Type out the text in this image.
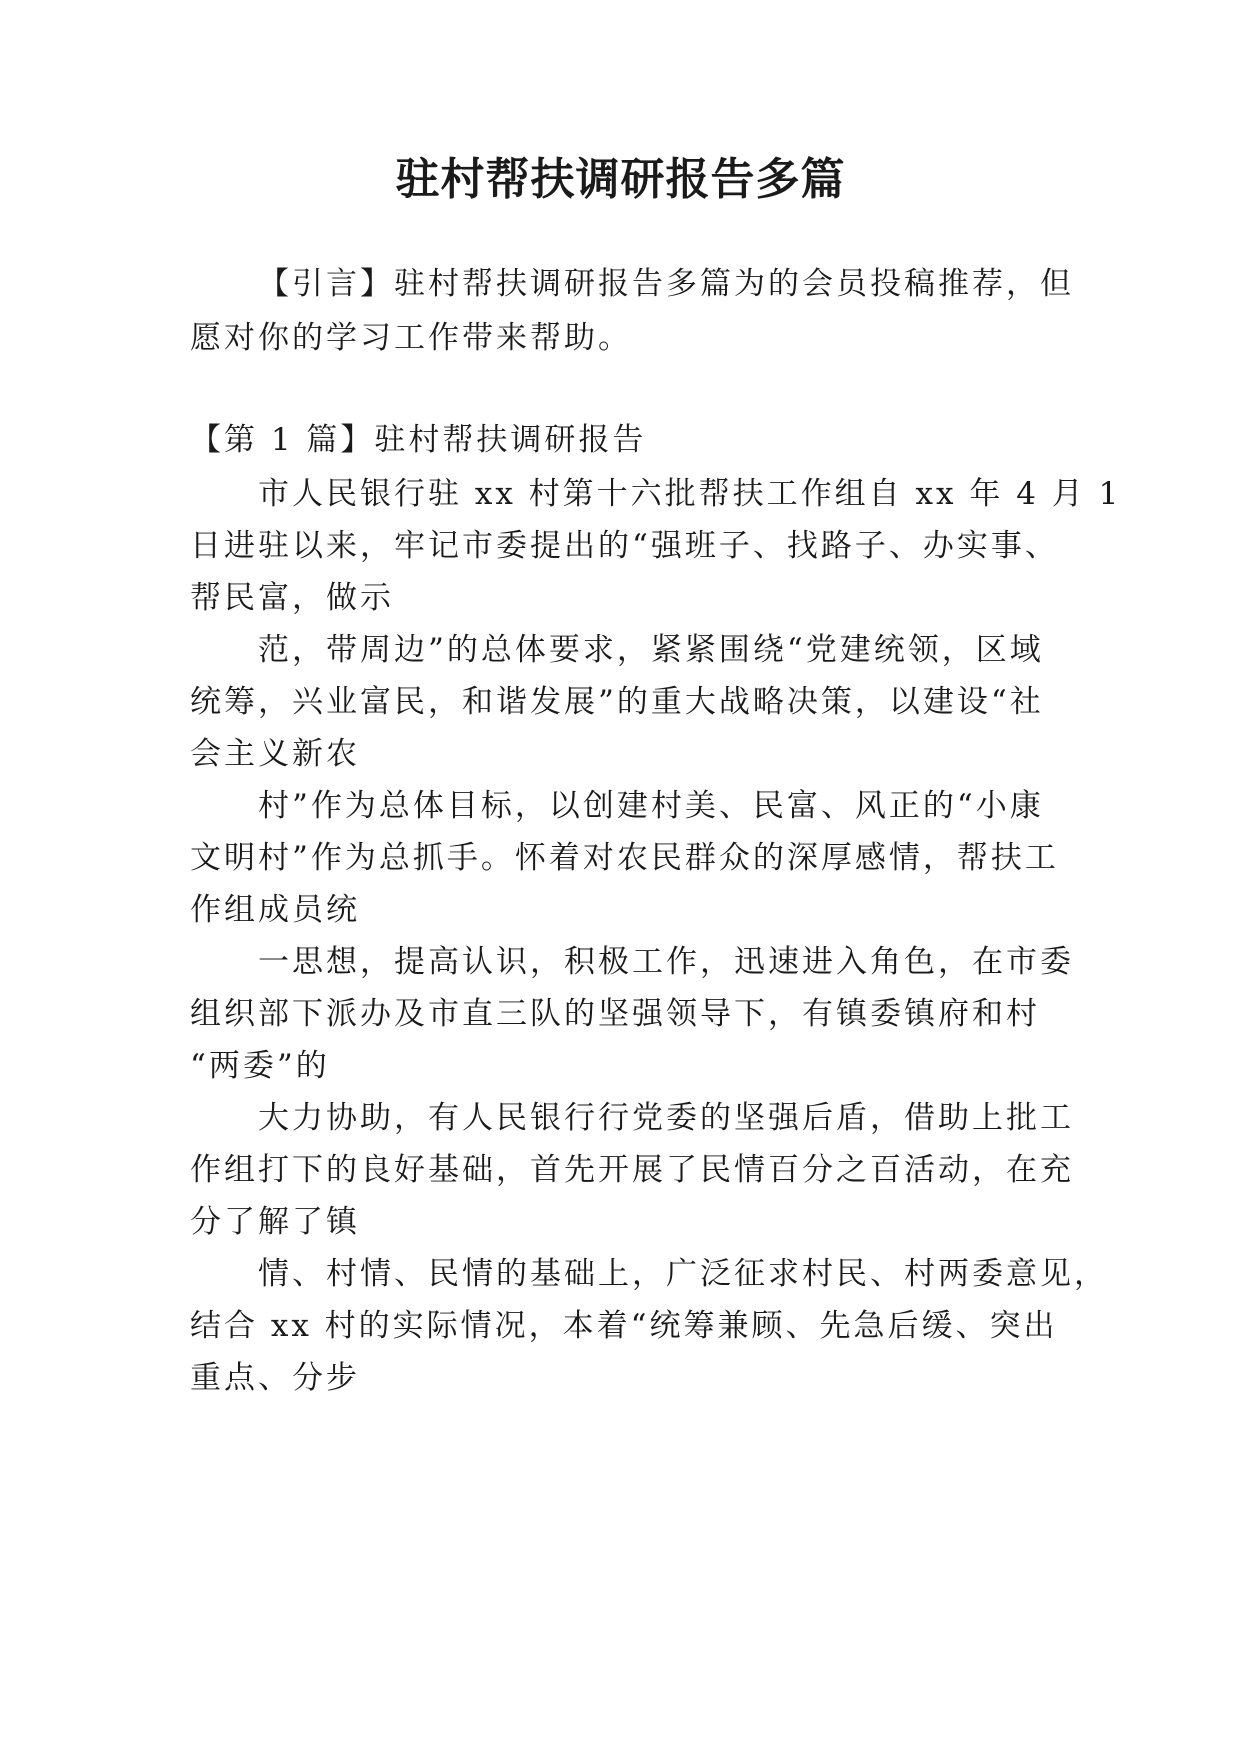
驻村帮扶调研报告多篇
【引言】驻村帮扶调研报告多篇为的会员投稿推荐，但
愿对你的学习工作带来帮助。
【第 1 篇】驻村帮扶调研报告
市人民银行驻 xx 村第十六批帮扶工作组自 xx 年 4 月 1
日进驻以来，牢记市委提出的“强班子、找路子、办实事、
帮民富，做示
范，带周边”的总体要求，紧紧围绕“党建统领，区域
统筹，兴业富民，和谐发展”的重大战略决策，以建设“社
会主义新农
村”作为总体目标，以创建村美、民富、风正的“小康
文明村”作为总抓手。怀着对农民群众的深厚感情，帮扶工
作组成员统
一思想，提高认识，积极工作，迅速进入角色，在市委
组织部下派办及市直三队的坚强领导下，有镇委镇府和村
“两委”的
大力协助，有人民银行行党委的坚强后盾，借助上批工
作组打下的良好基础，首先开展了民情百分之百活动，在充
分了解了镇
情、村情、民情的基础上，广泛征求村民、村两委意见，
结合 xx 村的实际情况，本着“统筹兼顾、先急后缓、突出
重点、分步
